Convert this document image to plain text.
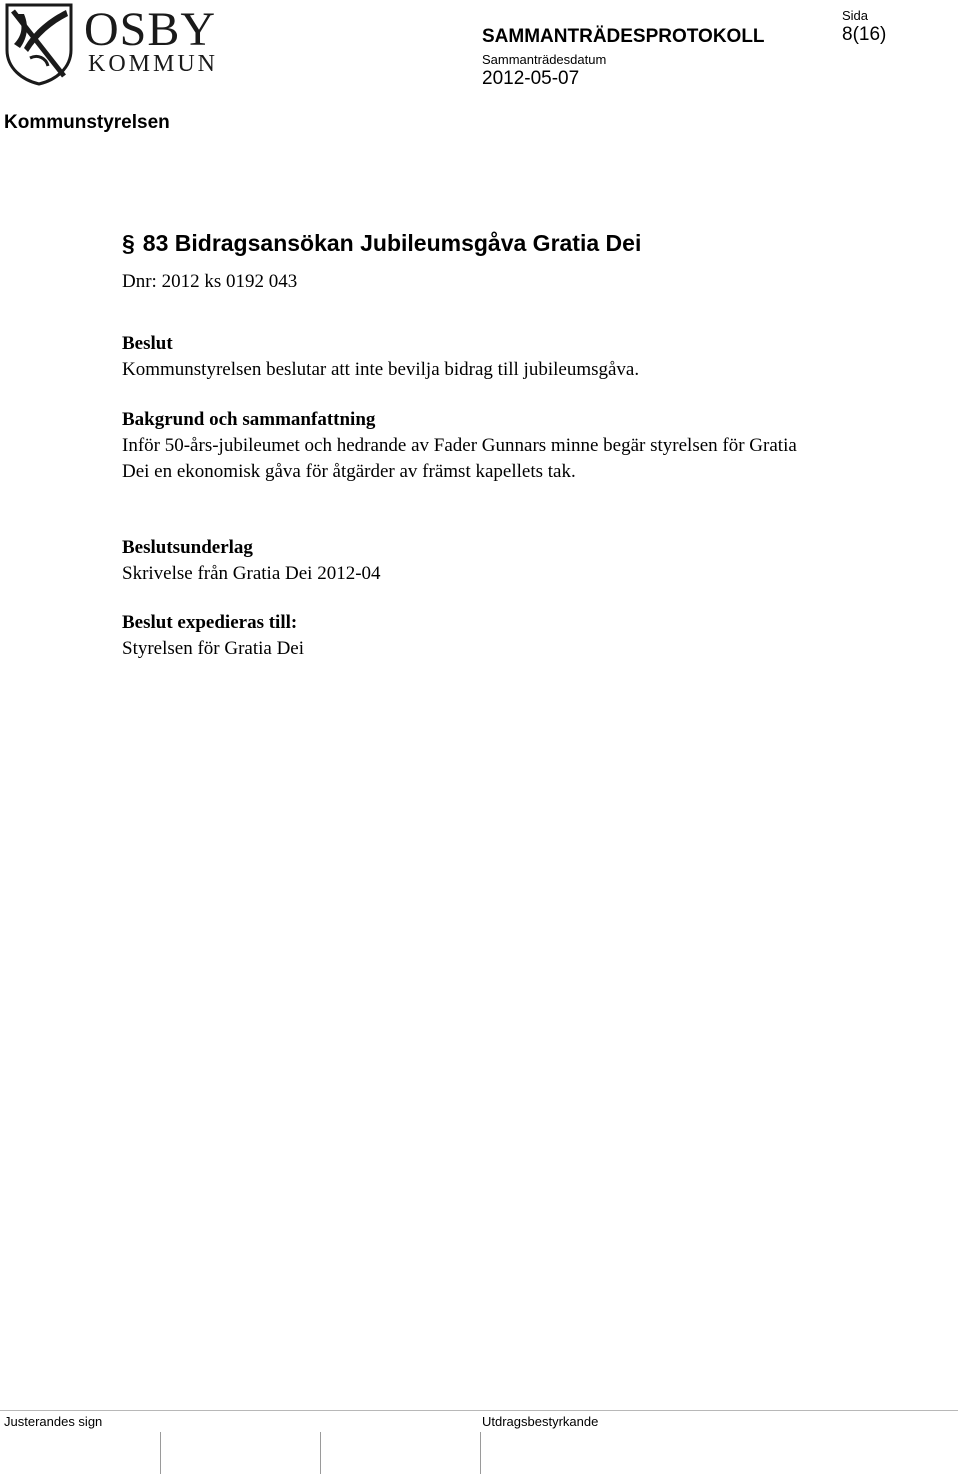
OSBY
KOMMUN
SAMMANTRÄDESPROTOKOLL
Sammanträdesdatum
2012-05-07
Sida
8(16)
Kommunstyrelsen
§ 83 Bidragsansökan Jubileumsgåva Gratia Dei
Dnr: 2012 ks 0192 043
Beslut
Kommunstyrelsen beslutar att inte bevilja bidrag till jubileumsgåva.
Bakgrund och sammanfattning
Inför 50-års-jubileumet och hedrande av Fader Gunnars minne begär styrelsen för Gratia Dei en ekonomisk gåva för åtgärder av främst kapellets tak.
Beslutsunderlag
Skrivelse från Gratia Dei 2012-04
Beslut expedieras till:
Styrelsen för Gratia Dei
Justerandes sign	Utdragsbestyrkande
